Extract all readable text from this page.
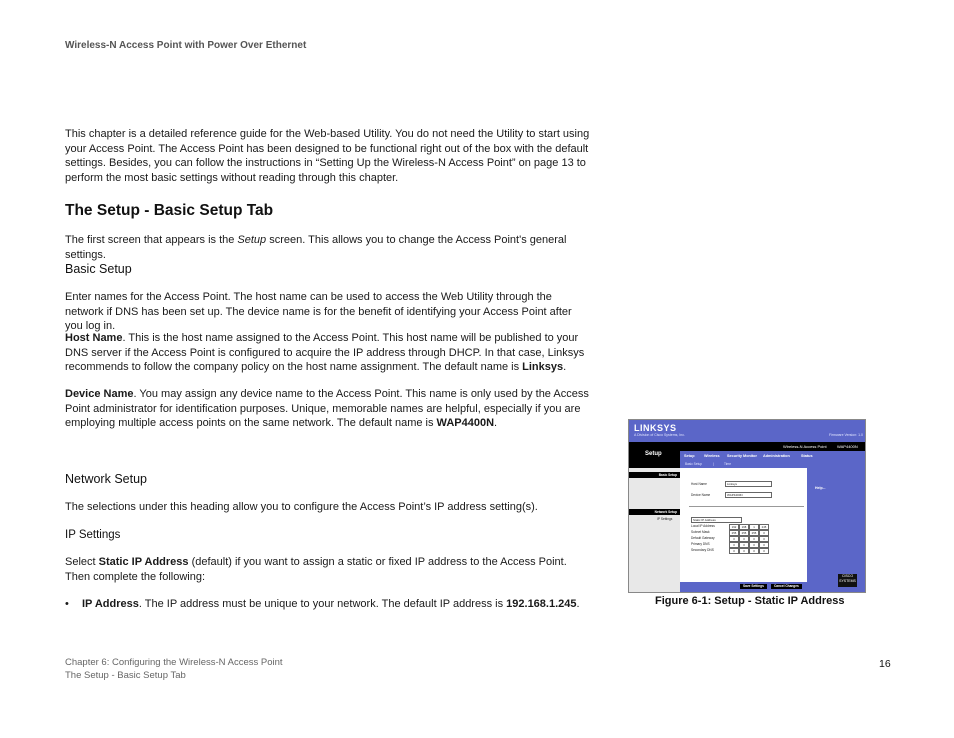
Wireless-N Access Point with Power Over Ethernet
This chapter is a detailed reference guide for the Web-based Utility. You do not need the Utility to start using your Access Point. The Access Point has been designed to be functional right out of the box with the default settings. Besides, you can follow the instructions in “Setting Up the Wireless-N Access Point” on page 13 to perform the most basic settings without reading through this chapter.
The Setup - Basic Setup Tab
The first screen that appears is the Setup screen. This allows you to change the Access Point's general settings.
Basic Setup
Enter names for the Access Point. The host name can be used to access the Web Utility through the network if DNS has been set up. The device name is for the benefit of identifying your Access Point after you log in.
Host Name. This is the host name assigned to the Access Point. This host name will be published to your DNS server if the Access Point is configured to acquire the IP address through DHCP. In that case, Linksys recommends to follow the company policy on the host name assignment. The default name is Linksys.
Device Name. You may assign any device name to the Access Point. This name is only used by the Access Point administrator for identification purposes. Unique, memorable names are helpful, especially if you are employing multiple access points on the same network. The default name is WAP4400N.
Network Setup
The selections under this heading allow you to configure the Access Point’s IP address setting(s).
IP Settings
Select Static IP Address (default) if you want to assign a static or fixed IP address to the Access Point. Then complete the following:
• IP Address. The IP address must be unique to your network. The default IP address is 192.168.1.245.
LINKSYS
A Division of Cisco Systems, Inc.	Firmware Version: 1.0
Setup
Wireless-N Access Point	WAP4400N
Setup Wireless Security Monitor Administration	Status
Basic Setup	|	Time
Basic Setup
Network Setup
IP Settings
Help...
Host Name	Linksys
Device Name	WAP4400N
Static IP Address
Save Settings	Cancel Changes
CISCO SYSTEMS
Local IP Address	192	168	1	245
Subnet Mask	255	255	255	0
Default Gateway	0	0	0	0
Primary DNS	0	0	0	0
Secondary DNS	0	0	0	0
Figure 6-1: Setup - Static IP Address
Chapter 6: Configuring the Wireless-N Access Point
The Setup - Basic Setup Tab
16
